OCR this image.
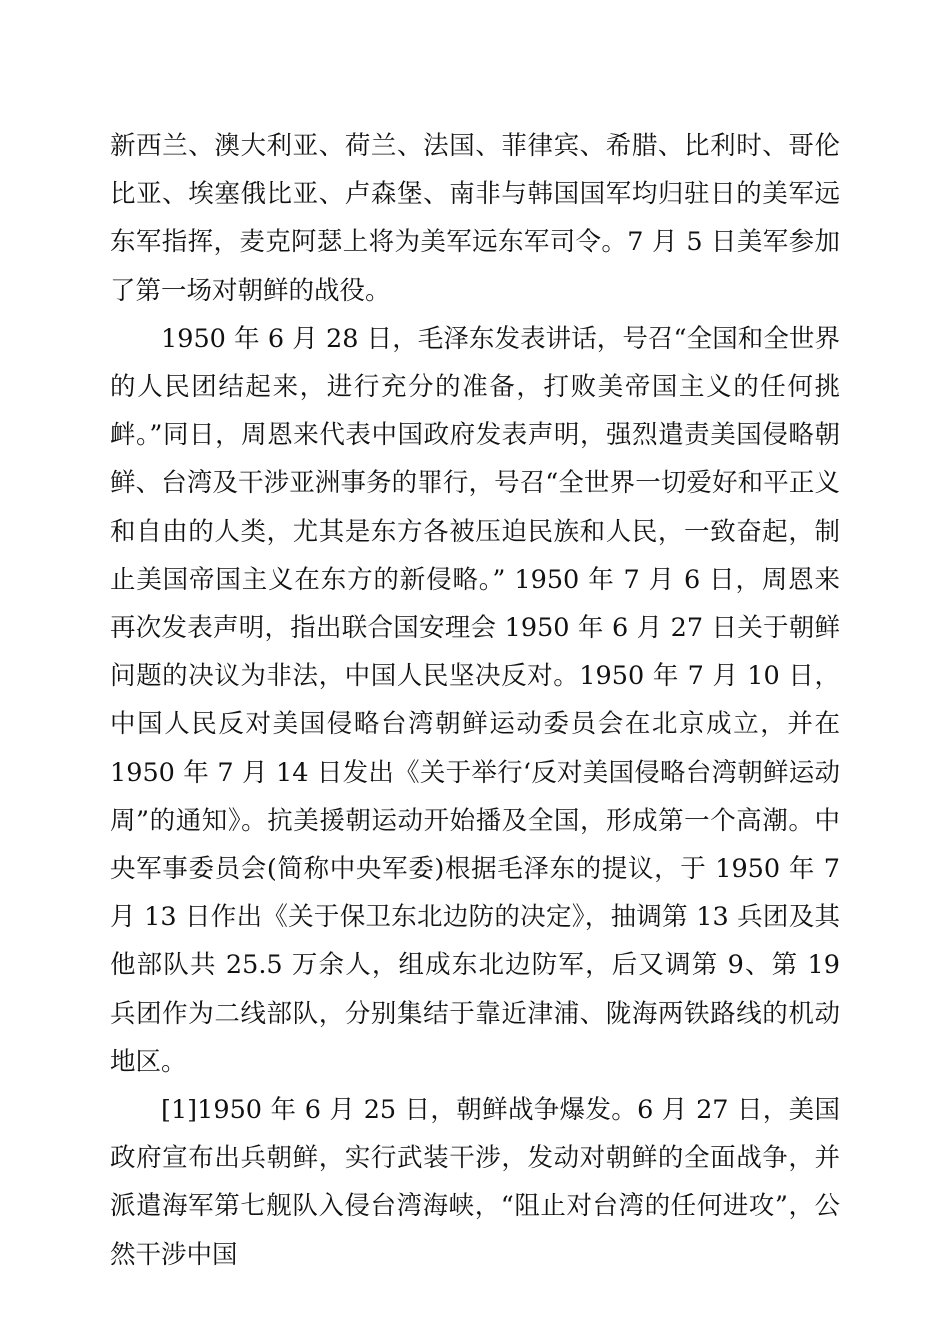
新西兰、澳大利亚、荷兰、法国、菲律宾、希腊、比利时、哥伦比亚、埃塞俄比亚、卢森堡、南非与韩国国军均归驻日的美军远东军指挥，麦克阿瑟上将为美军远东军司令。7 月 5 日美军参加了第一场对朝鲜的战役。

1950 年 6 月 28 日，毛泽东发表讲话，号召“全国和全世界的人民团结起来，进行充分的准备，打败美帝国主义的任何挑衅。”同日，周恩来代表中国政府发表声明，强烈遣责美国侵略朝鲜、台湾及干涉亚洲事务的罪行，号召“全世界一切爱好和平正义和自由的人类，尤其是东方各被压迫民族和人民，一致奋起，制止美国帝国主义在东方的新侵略。” 1950 年 7 月 6 日，周恩来再次发表声明，指出联合国安理会 1950 年 6 月 27 日关于朝鲜问题的决议为非法，中国人民坚决反对。1950 年 7 月 10 日，中国人民反对美国侵略台湾朝鲜运动委员会在北京成立，并在 1950 年 7 月 14 日发出《关于举行‘反对美国侵略台湾朝鲜运动周”的通知》。抗美援朝运动开始播及全国，形成第一个高潮。中央军事委员会(简称中央军委)根据毛泽东的提议，于 1950 年 7 月 13 日作出《关于保卫东北边防的决定》，抽调第 13 兵团及其他部队共 25.5 万余人，组成东北边防军，后又调第 9、第 19 兵团作为二线部队，分别集结于靠近津浦、陇海两铁路线的机动地区。

[1]1950 年 6 月 25 日，朝鲜战争爆发。6 月 27 日，美国政府宣布出兵朝鲜，实行武装干涉，发动对朝鲜的全面战争，并派遣海军第七舰队入侵台湾海峡，“阻止对台湾的任何进攻”，公然干涉中国
